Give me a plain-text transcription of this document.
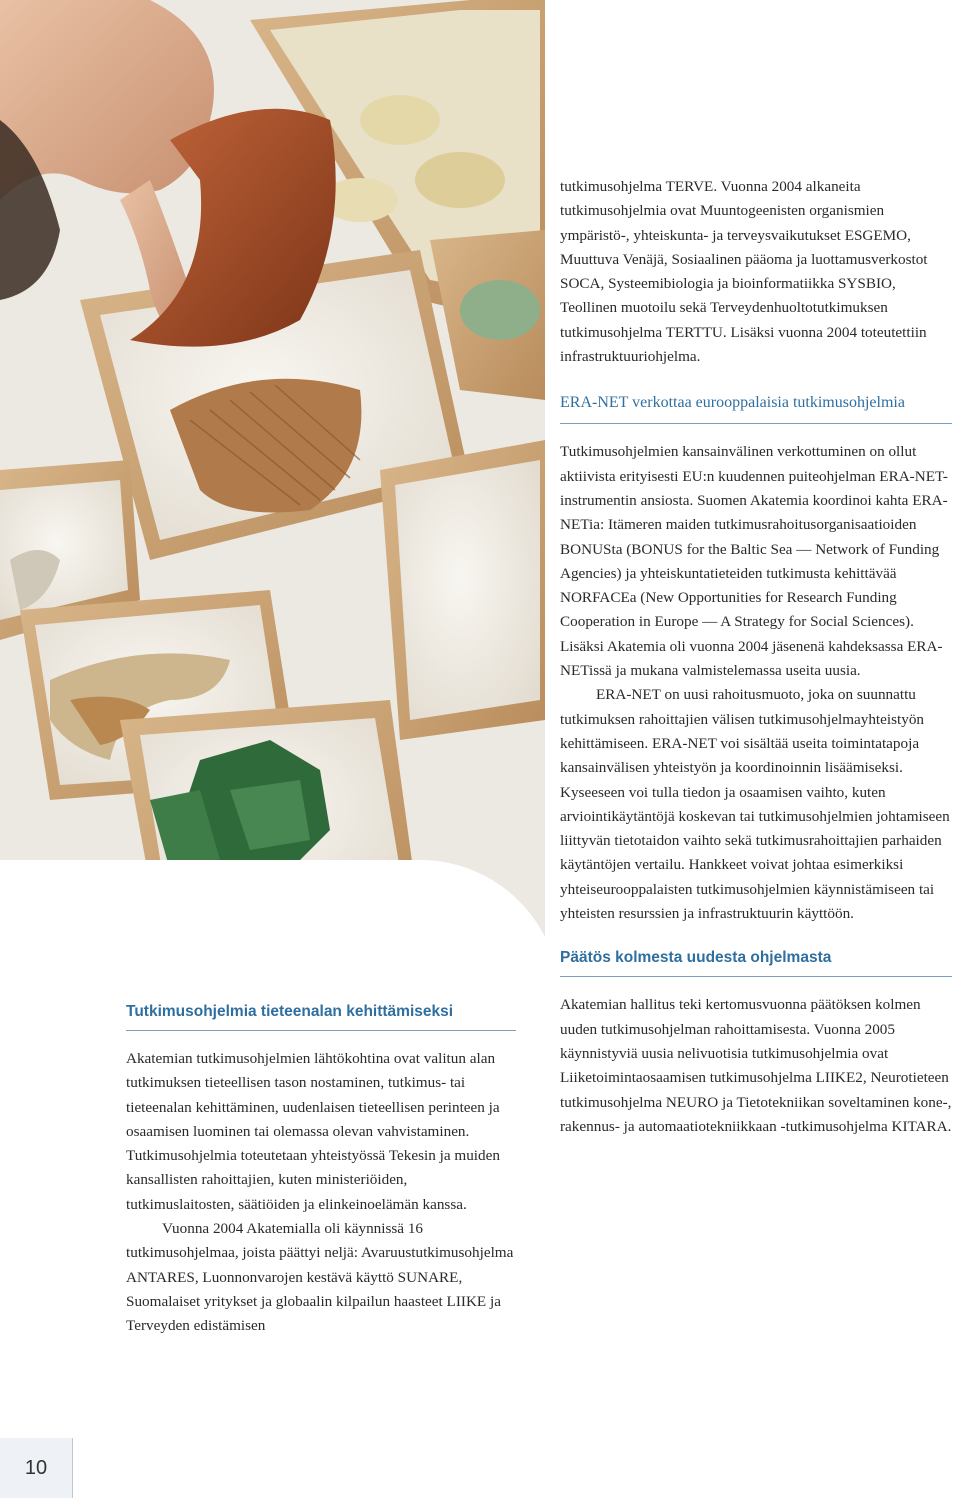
tutkimusohjelma TERVE. Vuonna 2004 alkaneita tutkimusohjelmia ovat Muuntogeenisten organismien ympäristö-, yhteiskunta- ja terveysvaikutukset ESGEMO, Muuttuva Venäjä, Sosiaalinen pääoma ja luottamusverkostot SOCA, Systeemibiologia ja bioinformatiikka SYSBIO, Teollinen muotoilu sekä Terveydenhuoltotutkimuksen tutkimusohjelma TERTTU. Lisäksi vuonna 2004 toteutettiin infrastruktuuriohjelma.

ERA-NET verkottaa eurooppalaisia tutkimusohjelmia

Tutkimusohjelmien kansainvälinen verkottuminen on ollut aktiivista erityisesti EU:n kuudennen puiteohjelman ERA-NET-instrumentin ansiosta. Suomen Akatemia koordinoi kahta ERA-NETia: Itämeren maiden tutkimusrahoitusorganisaatioiden BONUSta (BONUS for the Baltic Sea — Network of Funding Agencies) ja yhteiskuntatieteiden tutkimusta kehittävää NORFACEa (New Opportunities for Research Funding Cooperation in Europe — A Strategy for Social Sciences). Lisäksi Akatemia oli vuonna 2004 jäsenenä kahdeksassa ERA-NETissä ja mukana valmistelemassa useita uusia.

ERA-NET on uusi rahoitusmuoto, joka on suunnattu tutkimuksen rahoittajien välisen tutkimusohjelmayhteistyön kehittämiseen. ERA-NET voi sisältää useita toimintatapoja kansainvälisen yhteistyön ja koordinoinnin lisäämiseksi. Kyseeseen voi tulla tiedon ja osaamisen vaihto, kuten arviointikäytäntöjä koskevan tai tutkimusohjelmien johtamiseen liittyvän tietotaidon vaihto sekä tutkimusrahoittajien parhaiden käytäntöjen vertailu. Hankkeet voivat johtaa esimerkiksi yhteiseurooppalaisten tutkimusohjelmien käynnistämiseen tai yhteisten resurssien ja infrastruktuurin käyttöön.

Päätös kolmesta uudesta ohjelmasta

Akatemian hallitus teki kertomusvuonna päätöksen kolmen uuden tutkimusohjelman rahoittamisesta. Vuonna 2005 käynnistyviä uusia nelivuotisia tutkimusohjelmia ovat Liiketoimintaosaamisen tutkimusohjelma LIIKE2, Neurotieteen tutkimusohjelma NEURO ja Tietotekniikan soveltaminen kone-, rakennus- ja automaatiotekniikkaan -tutkimusohjelma KITARA.

Tutkimusohjelmia tieteenalan kehittämiseksi

Akatemian tutkimusohjelmien lähtökohtina ovat valitun alan tutkimuksen tieteellisen tason nostaminen, tutkimus- tai tieteenalan kehittäminen, uudenlaisen tieteellisen perinteen ja osaamisen luominen tai olemassa olevan vahvistaminen. Tutkimusohjelmia toteutetaan yhteistyössä Tekesin ja muiden kansallisten rahoittajien, kuten ministeriöiden, tutkimuslaitosten, säätiöiden ja elinkeinoelämän kanssa.

Vuonna 2004 Akatemialla oli käynnissä 16 tutkimusohjelmaa, joista päättyi neljä: Avaruustutkimusohjelma ANTARES, Luonnonvarojen kestävä käyttö SUNARE, Suomalaiset yritykset ja globaalin kilpailun haasteet LIIKE ja Terveyden edistämisen

10
